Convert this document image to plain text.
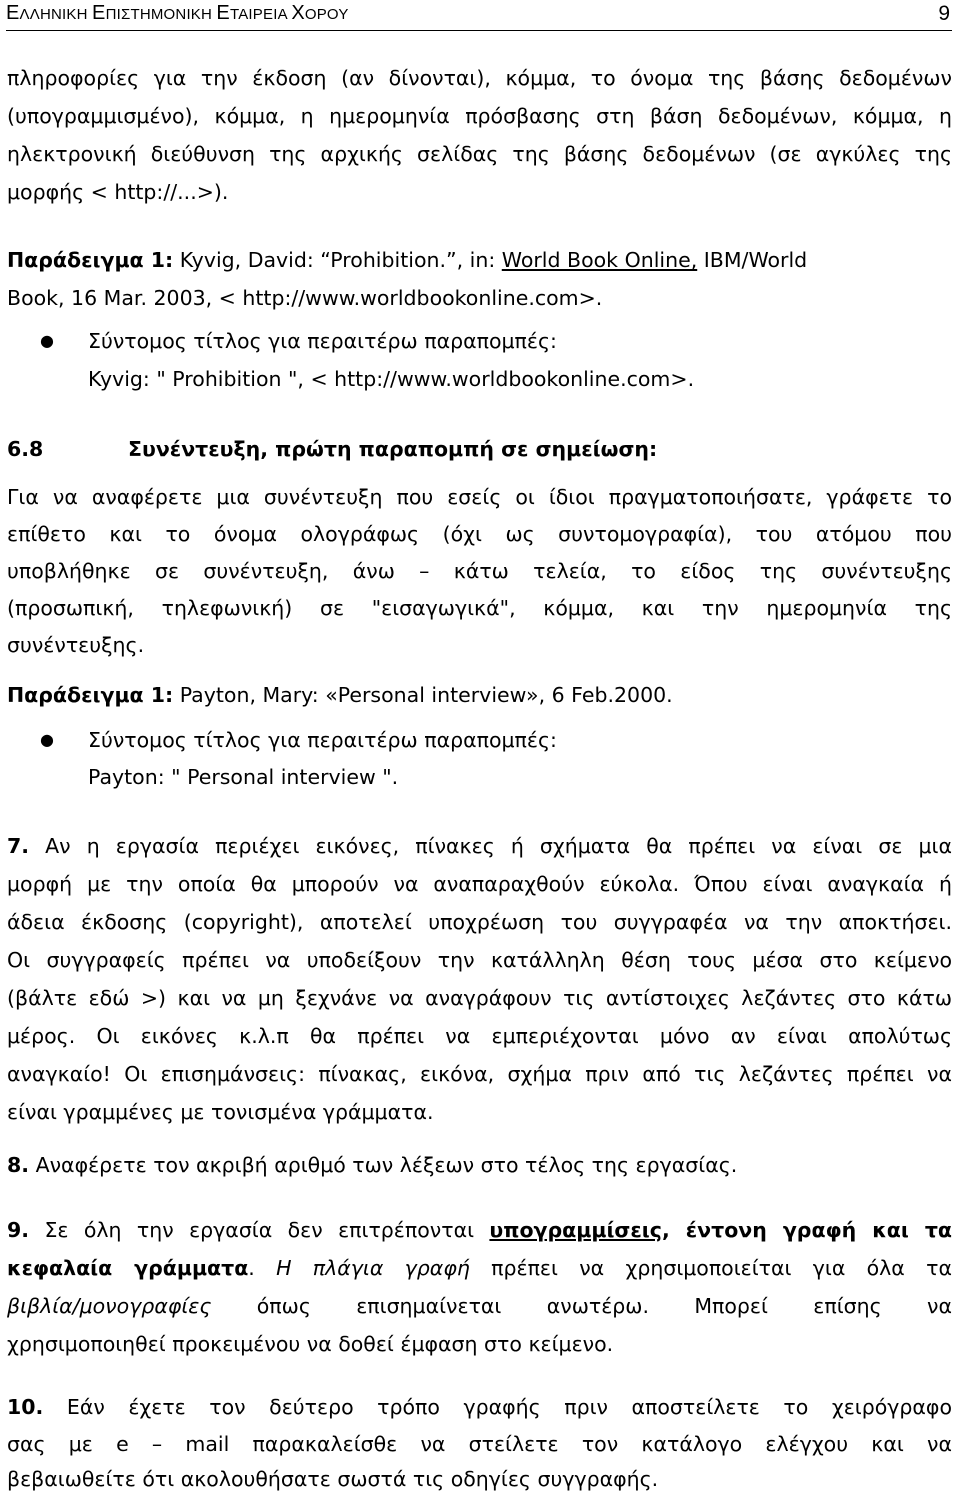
ΕΛΛΗΝΙΚΗ ΕΠΙΣΤΗΜΟΝΙΚΗ ΕΤΑΙΡΕΙΑ ΧΟΡΟΥ	9
πληροφορίες για την έκδοση (αν δίνονται), κόμμα, το όνομα της βάσης δεδομένων
(υπογραμμισμένο), κόμμα, η ημερομηνία πρόσβασης στη βάση δεδομένων, κόμμα, η
ηλεκτρονική διεύθυνση της αρχικής σελίδας της βάσης δεδομένων (σε αγκύλες της
μορφής < http://...>).
Παράδειγμα 1: Kyvig, David: “Prohibition.”, in: World Book Online, IBM/World
Book, 16 Mar. 2003, < http://www.worldbookonline.com>.
● Σύντομος τίτλος για περαιτέρω παραπομπές:
Kyvig: " Prohibition ", < http://www.worldbookonline.com>.
6.8	Συνέντευξη, πρώτη παραπομπή σε σημείωση:
Για να αναφέρετε μια συνέντευξη που εσείς οι ίδιοι πραγματοποιήσατε, γράφετε το
επίθετο και το όνομα ολογράφως (όχι ως συντομογραφία), του ατόμου που
υποβλήθηκε σε συνέντευξη, άνω – κάτω τελεία, το είδος της συνέντευξης
(προσωπική, τηλεφωνική) σε "εισαγωγικά", κόμμα, και την ημερομηνία της
συνέντευξης.
Παράδειγμα 1: Payton, Mary: «Personal interview», 6 Feb.2000.
● Σύντομος τίτλος για περαιτέρω παραπομπές:
Payton: " Personal interview ".
7. Αν η εργασία περιέχει εικόνες, πίνακες ή σχήματα θα πρέπει να είναι σε μια
μορφή με την οποία θα μπορούν να αναπαραχθούν εύκολα. Όπου είναι αναγκαία ή
άδεια έκδοσης (copyright), αποτελεί υποχρέωση του συγγραφέα να την αποκτήσει.
Οι συγγραφείς πρέπει να υποδείξουν την κατάλληλη θέση τους μέσα στο κείμενο
(βάλτε εδώ >) και να μη ξεχνάνε να αναγράφουν τις αντίστοιχες λεζάντες στο κάτω
μέρος. Οι εικόνες κ.λ.π θα πρέπει να εμπεριέχονται μόνο αν είναι απολύτως
αναγκαίο! Οι επισημάνσεις: πίνακας, εικόνα, σχήμα πριν από τις λεζάντες πρέπει να
είναι γραμμένες με τονισμένα γράμματα.
8. Αναφέρετε τον ακριβή αριθμό των λέξεων στο τέλος της εργασίας.
9. Σε όλη την εργασία δεν επιτρέπονται υπογραμμίσεις, έντονη γραφή και τα
κεφαλαία γράμματα. Η πλάγια γραφή πρέπει να χρησιμοποιείται για όλα τα
βιβλία/μονογραφίες όπως επισημαίνεται ανωτέρω. Μπορεί επίσης να
χρησιμοποιηθεί προκειμένου να δοθεί έμφαση στο κείμενο.
10. Εάν έχετε τον δεύτερο τρόπο γραφής πριν αποστείλετε το χειρόγραφο
σας με e – mail παρακαλείσθε να στείλετε τον κατάλογο ελέγχου και να
βεβαιωθείτε ότι ακολουθήσατε σωστά τις οδηγίες συγγραφής.
